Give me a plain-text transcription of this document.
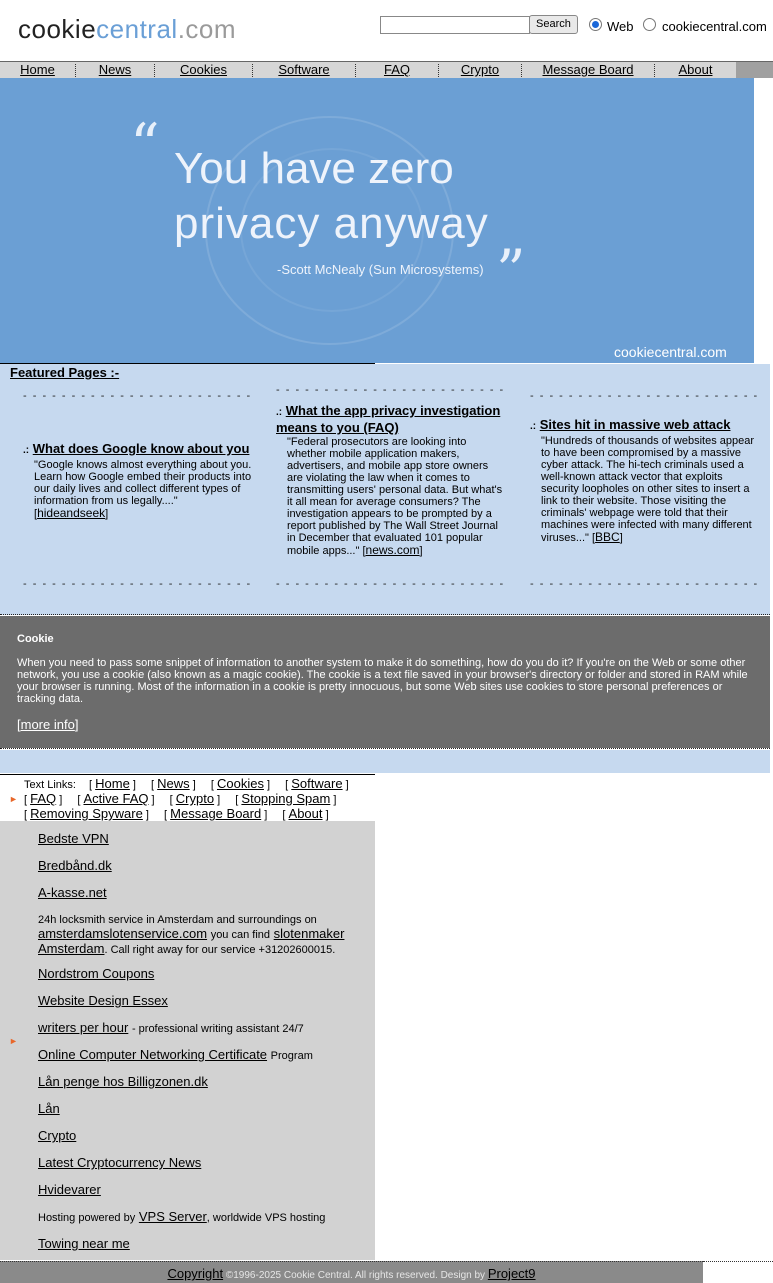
cookiecentral.com	Search	Web cookiecentral.com
Home	News	Cookies	Software	FAQ	Crypto	Message Board	About
“ You have zero
privacy anyway
-Scott McNealy (Sun Microsystems) ”
cookiecentral.com
Featured Pages :-
- - - - - - - - - - - - - - - - - - - - - - - - - - - - - - - - - - - - - - - - - - - - - - - - - - - - - - - - - - - - - - - - - - - - - - - -
.: What does Google know about you
"Google knows almost everything about you. Learn how Google embed their products into our daily lives and collect different types of information from us legally...."
[hideandseek]
.: What the app privacy investigation means to you (FAQ)
"Federal prosecutors are looking into whether mobile application makers, advertisers, and mobile app store owners are violating the law when it comes to transmitting users' personal data. But what's it all mean for average consumers? The investigation appears to be prompted by a report published by The Wall Street Journal in December that evaluated 101 popular mobile apps..." [news.com]
.: Sites hit in massive web attack
"Hundreds of thousands of websites appear to have been compromised by a massive cyber attack. The hi-tech criminals used a well-known attack vector that exploits security loopholes on other sites to insert a link to their website. Those visiting the criminals' webpage were told that their machines were infected with many different viruses..." [BBC]
- - - - - - - - - - - - - - - - - - - - - - - - - - - - - - - - - - - - - - - - - - - - - - - - - - - - - - - - - - - - - - - - - - - - - - - -
Cookie
When you need to pass some snippet of information to another system to make it do something, how do you do it? If you're on the Web or some other network, you use a cookie (also known as a magic cookie). The cookie is a text file saved in your browser's directory or folder and stored in RAM while your browser is running. Most of the information in a cookie is pretty innocuous, but some Web sites use cookies to store personal preferences or tracking data.
[more info]
Text Links: [ Home ] [ News ] [ Cookies ] [ Software ]
► [ FAQ ] [ Active FAQ ] [ Crypto ] [ Stopping Spam ]
[ Removing Spyware ] [ Message Board ] [ About ]
Bedste VPN
Bredbånd.dk
A-kasse.net
24h locksmith service in Amsterdam and surroundings on amsterdamslotenservice.com you can find slotenmaker Amsterdam. Call right away for our service +31202600015.
Nordstrom Coupons
Website Design Essex
writers per hour - professional writing assistant 24/7
►
Online Computer Networking Certificate Program
Lån penge hos Billigzonen.dk
Lån
Crypto
Latest Cryptocurrency News
Hvidevarer
Hosting powered by VPS Server, worldwide VPS hosting
Towing near me
Copyright ©1996-2025 Cookie Central. All rights reserved. Design by Project9
